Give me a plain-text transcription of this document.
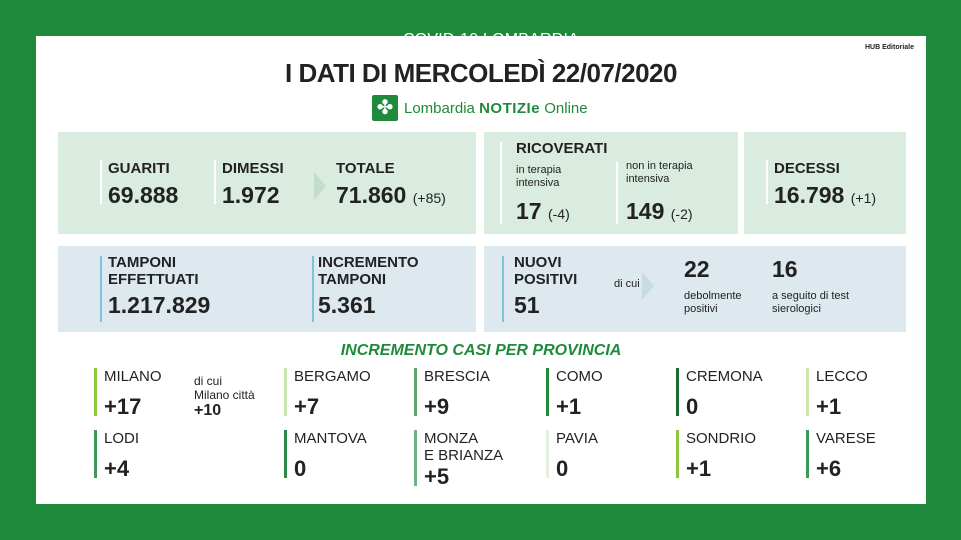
HUB Editoriale
I DATI DI MERCOLEDÌ 22/07/2020
✤ Lombardia NOTIZIe Online
GUARITI
69.888
DIMESSI
1.972
TOTALE
71.860 (+85)
RICOVERATI
in terapia intensiva
17 (-4)
non in terapia intensiva
149 (-2)
DECESSI
16.798 (+1)
TAMPONI
EFFETTUATI
1.217.829
INCREMENTO
TAMPONI
5.361
NUOVI
POSITIVI
51
di cui
22
debolmente
positivi
16
a seguito di test
sierologici
INCREMENTO CASI PER PROVINCIA
MILANO
+17
BERGAMO
+7
BRESCIA
+9
COMO
+1
CREMONA
0
LECCO
+1
LODI
+4
MANTOVA
0
MONZA
E BRIANZA
+5
PAVIA
0
SONDRIO
+1
VARESE
+6
di cui
Milano città
+10
